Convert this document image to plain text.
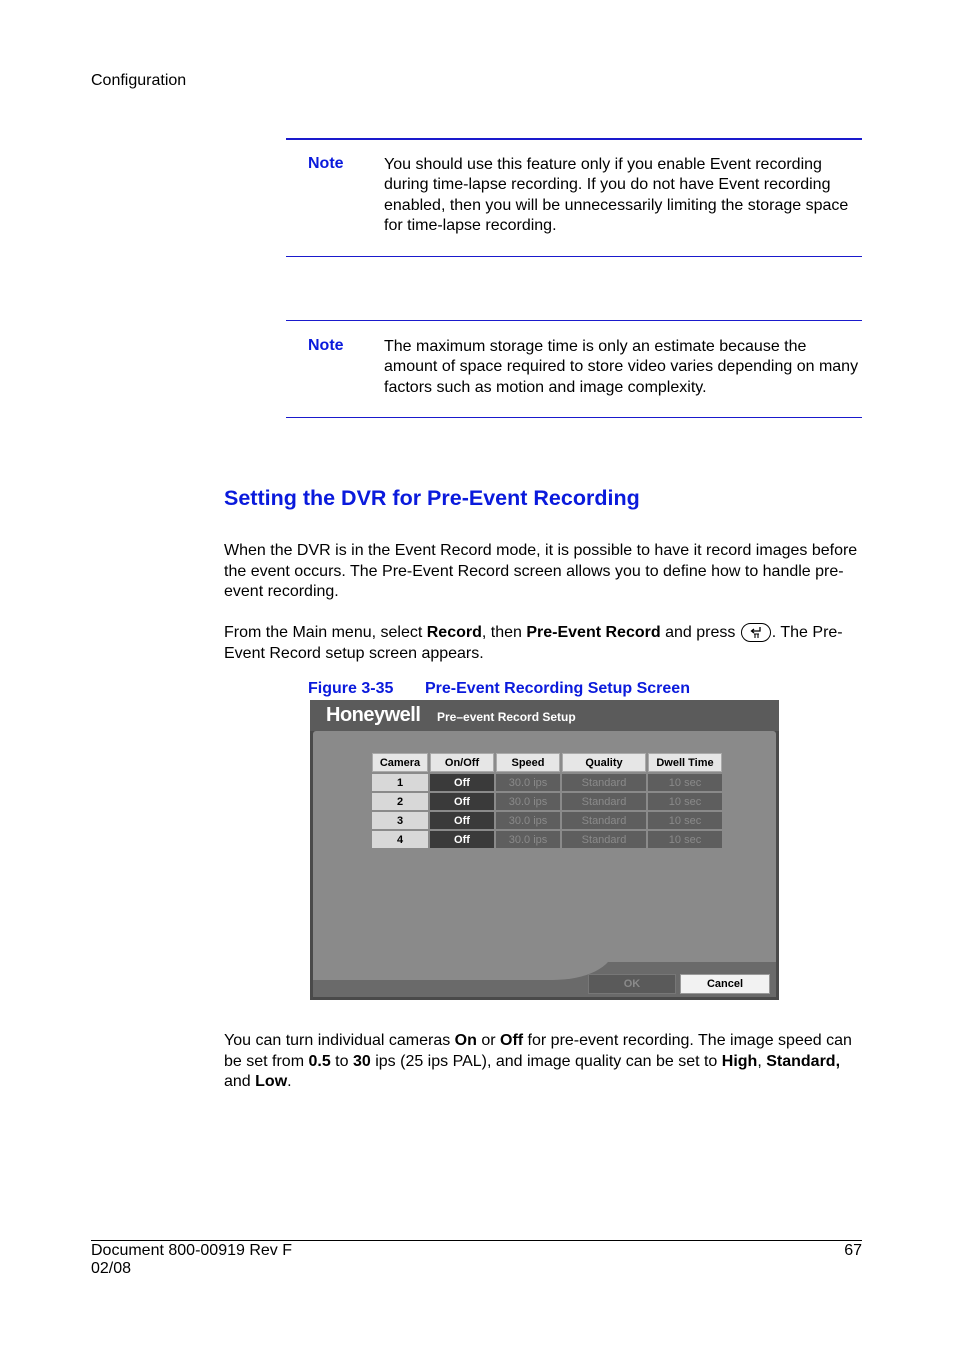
Configuration
Note	You should use this feature only if you enable Event recording during time-lapse recording. If you do not have Event recording enabled, then you will be unnecessarily limiting the storage space for time-lapse recording.
Note	The maximum storage time is only an estimate because the amount of space required to store video varies depending on many factors such as motion and image complexity.
Setting the DVR for Pre-Event Recording

When the DVR is in the Event Record mode, it is possible to have it record images before the event occurs. The Pre-Event Record screen allows you to define how to handle pre-event recording.

From the Main menu, select Record, then Pre-Event Record and press
. The Pre-Event Record setup screen appears.

Figure 3-35 Pre-Event Recording Setup Screen
Honeywell Pre–event Record Setup
Camera	On/Off	Speed	Quality	Dwell Time
1	Off	30.0 ips	Standard	10 sec
2	Off	30.0 ips	Standard	10 sec
3	Off	30.0 ips	Standard	10 sec
4	Off	30.0 ips	Standard	10 sec
OK	Cancel

You can turn individual cameras On or Off for pre-event recording. The image speed can be set from 0.5 to 30 ips (25 ips PAL), and image quality can be set to High, Standard, and Low.

Document 800-00919 Rev F
02/08
67
